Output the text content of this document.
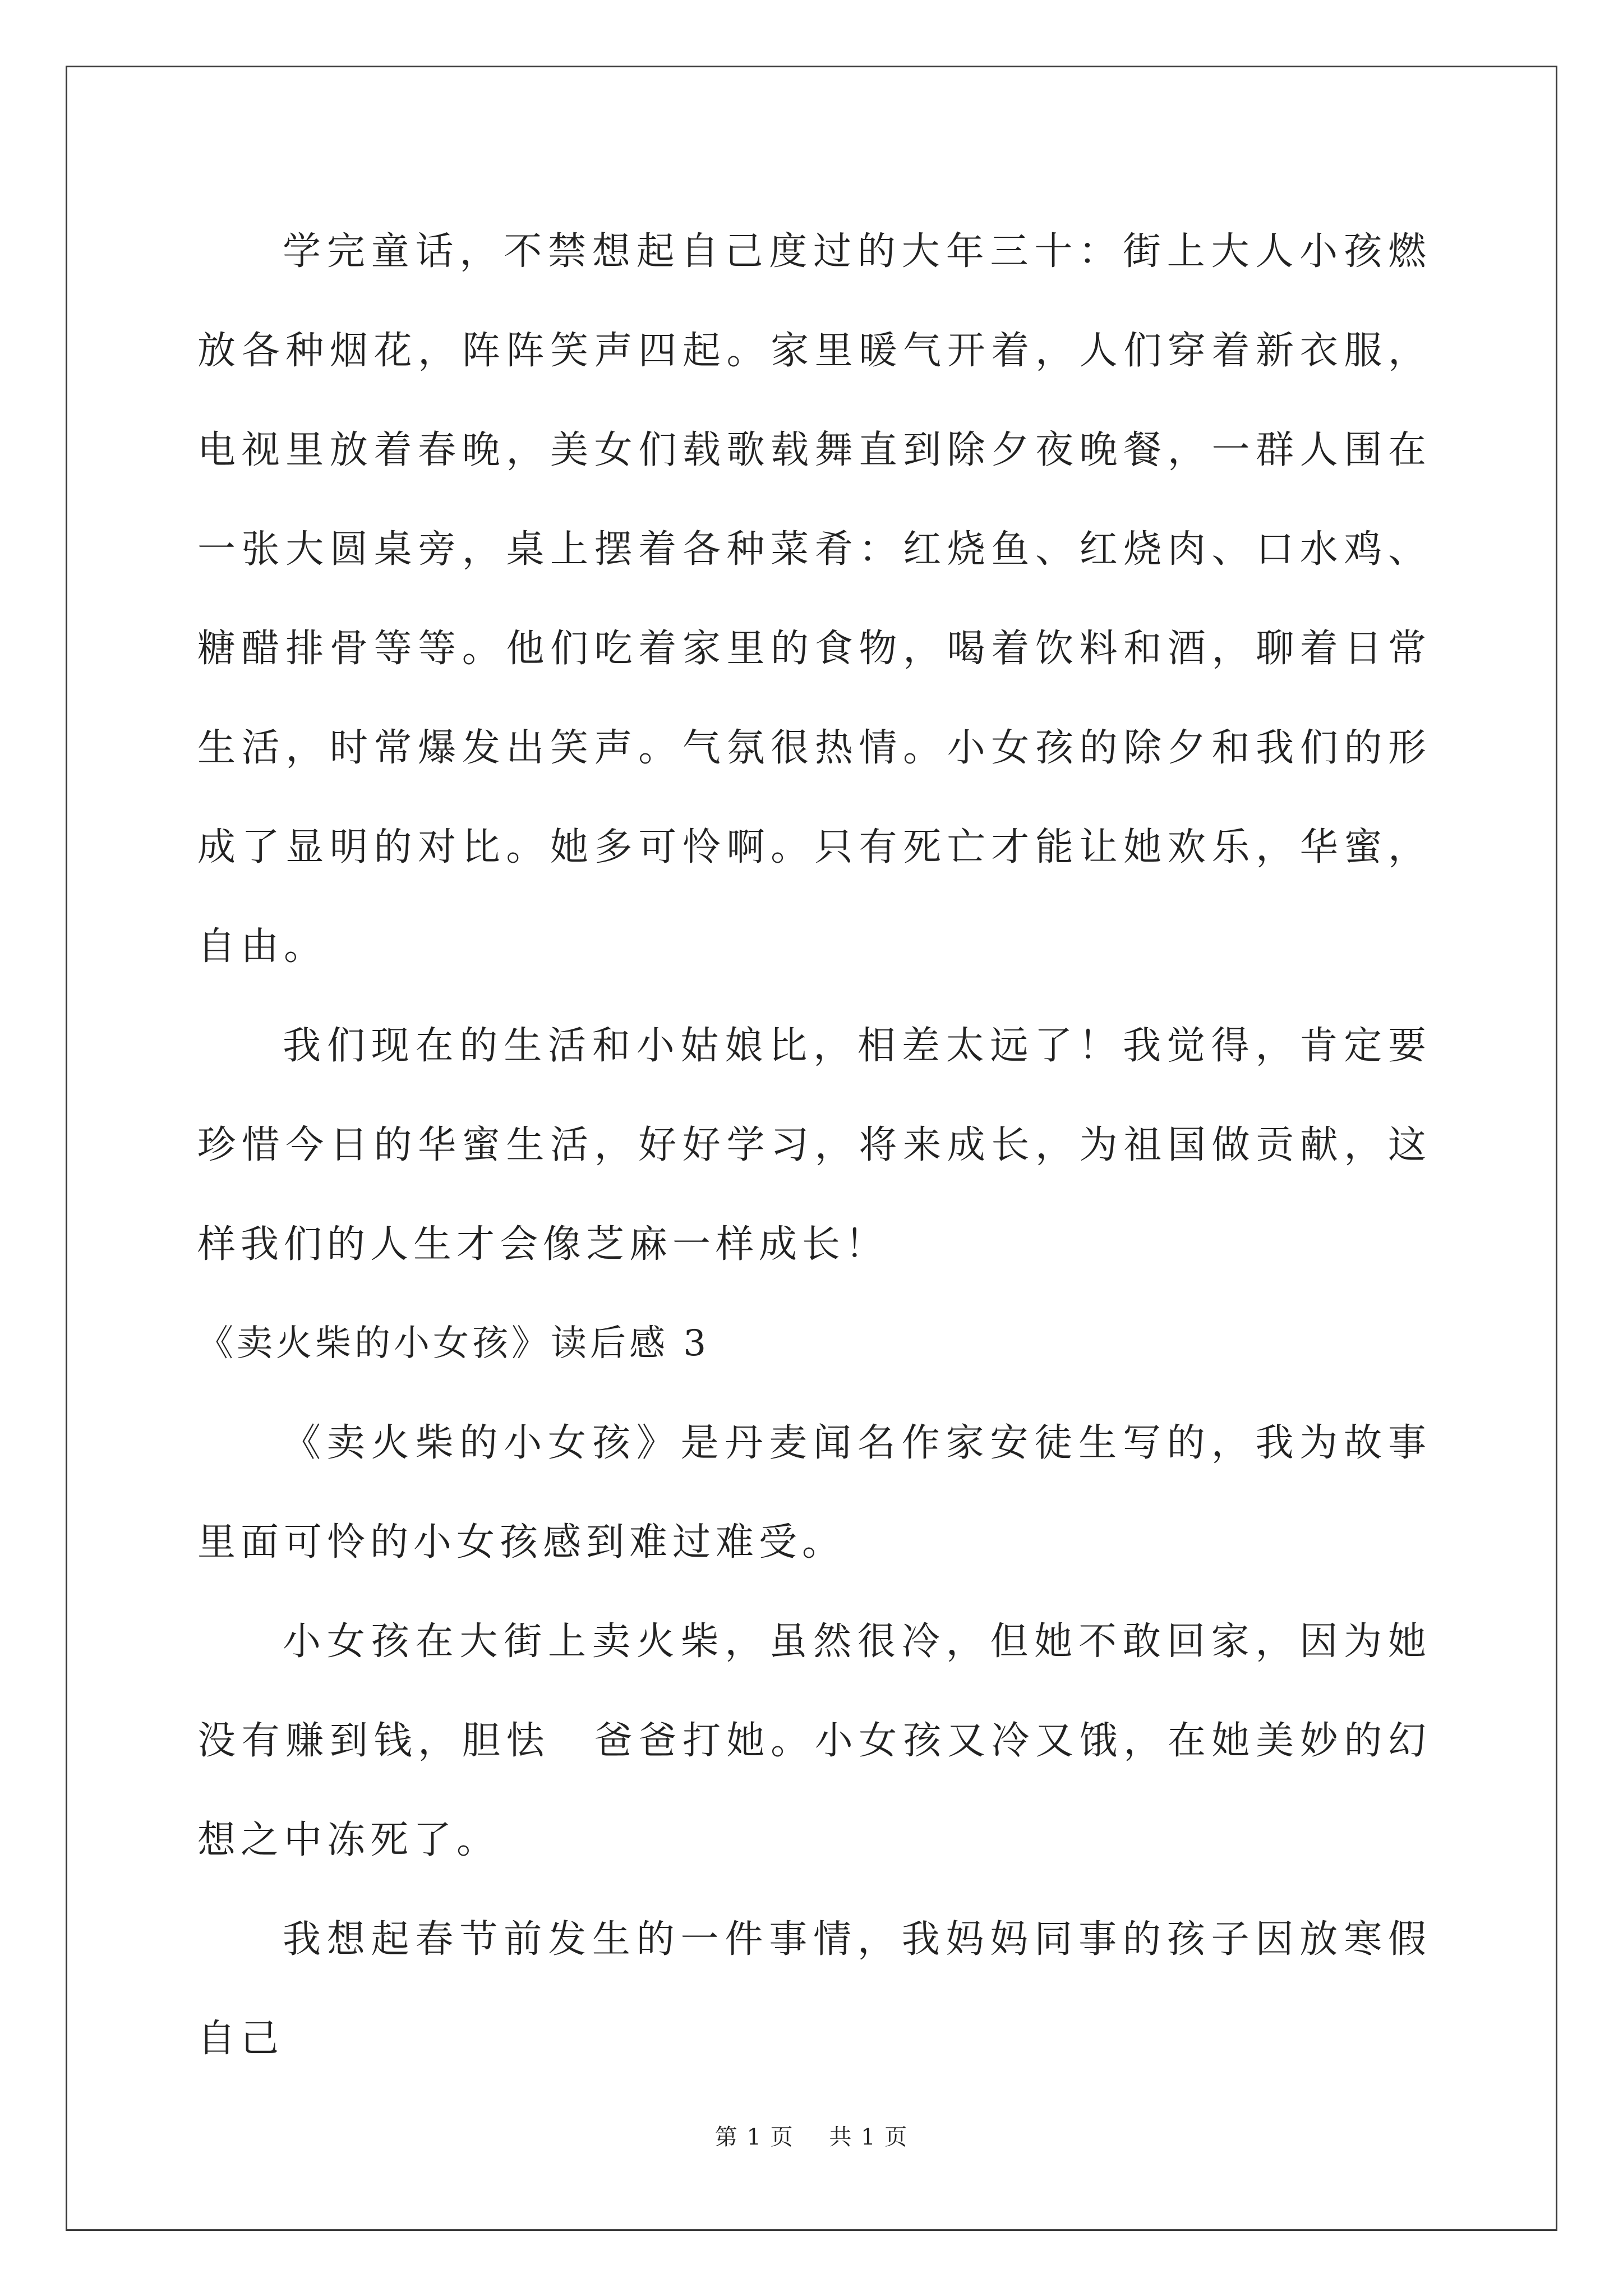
学完童话，不禁想起自己度过的大年三十：街上大人小孩燃放各种烟花，阵阵笑声四起。家里暖气开着，人们穿着新衣服，电视里放着春晚，美女们载歌载舞直到除夕夜晚餐，一群人围在一张大圆桌旁，桌上摆着各种菜肴：红烧鱼、红烧肉、口水鸡、糖醋排骨等等。他们吃着家里的食物，喝着饮料和酒，聊着日常生活，时常爆发出笑声。气氛很热情。小女孩的除夕和我们的形成了显明的对比。她多可怜啊。只有死亡才能让她欢乐，华蜜，自由。

我们现在的生活和小姑娘比，相差太远了！我觉得，肯定要珍惜今日的华蜜生活，好好学习，将来成长，为祖国做贡献，这样我们的人生才会像芝麻一样成长！

《卖火柴的小女孩》读后感 3

《卖火柴的小女孩》是丹麦闻名作家安徒生写的，我为故事里面可怜的小女孩感到难过难受。

小女孩在大街上卖火柴，虽然很冷，但她不敢回家，因为她没有赚到钱，胆怯　爸爸打她。小女孩又冷又饿，在她美妙的幻想之中冻死了。

我想起春节前发生的一件事情，我妈妈同事的孩子因放寒假自己

第 1 页 共 1 页
